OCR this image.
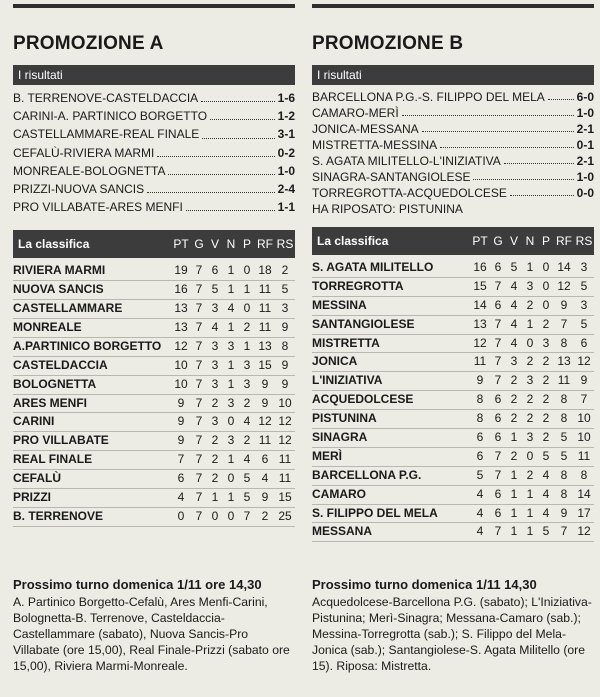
PROMOZIONE A
I risultati
B. TERRENOVE-CASTELDACCIA	1-6
CARINI-A. PARTINICO BORGETTO	1-2
CASTELLAMMARE-REAL FINALE	3-1
CEFALÙ-RIVIERA MARMI	0-2
MONREALE-BOLOGNETTA	1-0
PRIZZI-NUOVA SANCIS	2-4
PRO VILLABATE-ARES MENFI	1-1
La classifica	PT G V N P RF RS
RIVIERA MARMI	19 7 6 1 0 18 2
NUOVA SANCIS	16 7 5 1 1 11 5
CASTELLAMMARE	13 7 3 4 0 11 3
MONREALE	13 7 4 1 2 11 9
A.PARTINICO BORGETTO	12 7 3 3 1 13 8
CASTELDACCIA	10 7 3 1 3 15 9
BOLOGNETTA	10 7 3 1 3 9	9
ARES MENFI	9 7 2 3 2 9 10
CARINI	9 7 3 0 4 12 12
PRO VILLABATE	9 7 2 3 2 11 12
REAL FINALE	7 7 2 1 4 6 11
CEFALÙ	6 7 2 0 5 4 11
PRIZZI	4 7 1 1 5 9 15
B. TERRENOVE	0 7 0 0 7 2 25
Prossimo turno domenica 1/11 ore 14,30
A. Partinico Borgetto-Cefalù, Ares Menfi-Carini, Bolognetta-B. Terrenove, Casteldaccia-Castellammare (sabato), Nuova Sancis-Pro Villabate (ore 15,00), Real Finale-Prizzi (sabato ore 15,00), Riviera Marmi-Monreale.
PROMOZIONE B
I risultati
BARCELLONA P.G.-S. FILIPPO DEL MELA	6-0
CAMARO-MERÌ	1-0
JONICA-MESSANA	2-1
MISTRETTA-MESSINA	0-1
S. AGATA MILITELLO-L'INIZIATIVA	2-1
SINAGRA-SANTANGIOLESE	1-0
TORREGROTTA-ACQUEDOLCESE	0-0
HA RIPOSATO: PISTUNINA
La classifica	PT G V N P RF RS
S. AGATA MILITELLO	16 6 5 1 0 14 3
TORREGROTTA	15 7 4 3 0 12 5
MESSINA	14 6 4 2 0 9	3
SANTANGIOLESE	13 7 4 1 2 7	5
MISTRETTA	12 7 4 0 3 8	6
JONICA	11 7 3 2 2 13 12
L'INIZIATIVA	9 7 2 3 2 11 9
ACQUEDOLCESE	8 6 2 2 2 8	7
PISTUNINA	8 6 2 2 2 8 10
SINAGRA	6 6 1 3 2 5 10
MERÌ	6 7 2 0 5 5 11
BARCELLONA P.G.	5 7 1 2 4 8	8
CAMARO	4 6 1 1 4 8 14
S. FILIPPO DEL MELA	4 6 1 1 4 9 17
MESSANA	4 7 1 1 5 7 12
Prossimo turno domenica 1/11 14,30
Acquedolcese-Barcellona P.G. (sabato); L'Iniziativa-Pistunina; Merì-Sinagra; Messana-Camaro (sab.); Messina-Torregrotta (sab.); S. Filippo del Mela-Jonica (sab.); Santangiolese-S. Agata Militello (ore 15). Riposa: Mistretta.
